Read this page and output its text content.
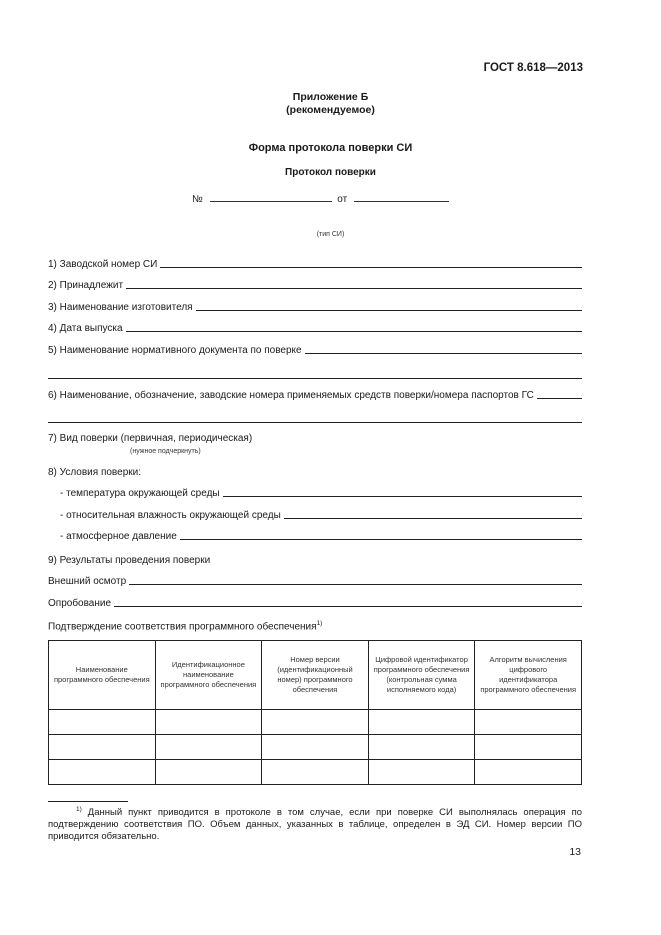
ГОСТ 8.618—2013
Приложение Б
(рекомендуемое)
Форма протокола поверки СИ
Протокол поверки
№	от
(тип СИ)
1) Заводской номер СИ
2) Принадлежит
3) Наименование изготовителя
4) Дата выпуска
5) Наименование нормативного документа по поверке
6) Наименование, обозначение, заводские номера применяемых средств поверки/номера паспортов ГС
7) Вид поверки (первичная, периодическая)
(нужное подчеркнуть)
8) Условия поверки:
- температура окружающей среды
- относительная влажность окружающей среды
- атмосферное давление
9) Результаты проведения поверки
Внешний осмотр
Опробование
Подтверждение соответствия программного обеспечения$^{1)}$
Наименование программного обеспечения	Идентификационное наименование программного обеспечения	Номер версии (идентификационный номер) программного обеспечения	Цифровой идентификатор программного обеспечения (контрольная сумма исполняемого кода)	Алгоритм вычисления цифрового идентификатора программного обеспечения

$^{1)}$ Данный пункт приводится в протоколе в том случае, если при поверке СИ выполнялась операция по подтверждению соответствия ПО. Объем данных, указанных в таблице, определен в ЭД СИ. Номер версии ПО приводится обязательно.
13
